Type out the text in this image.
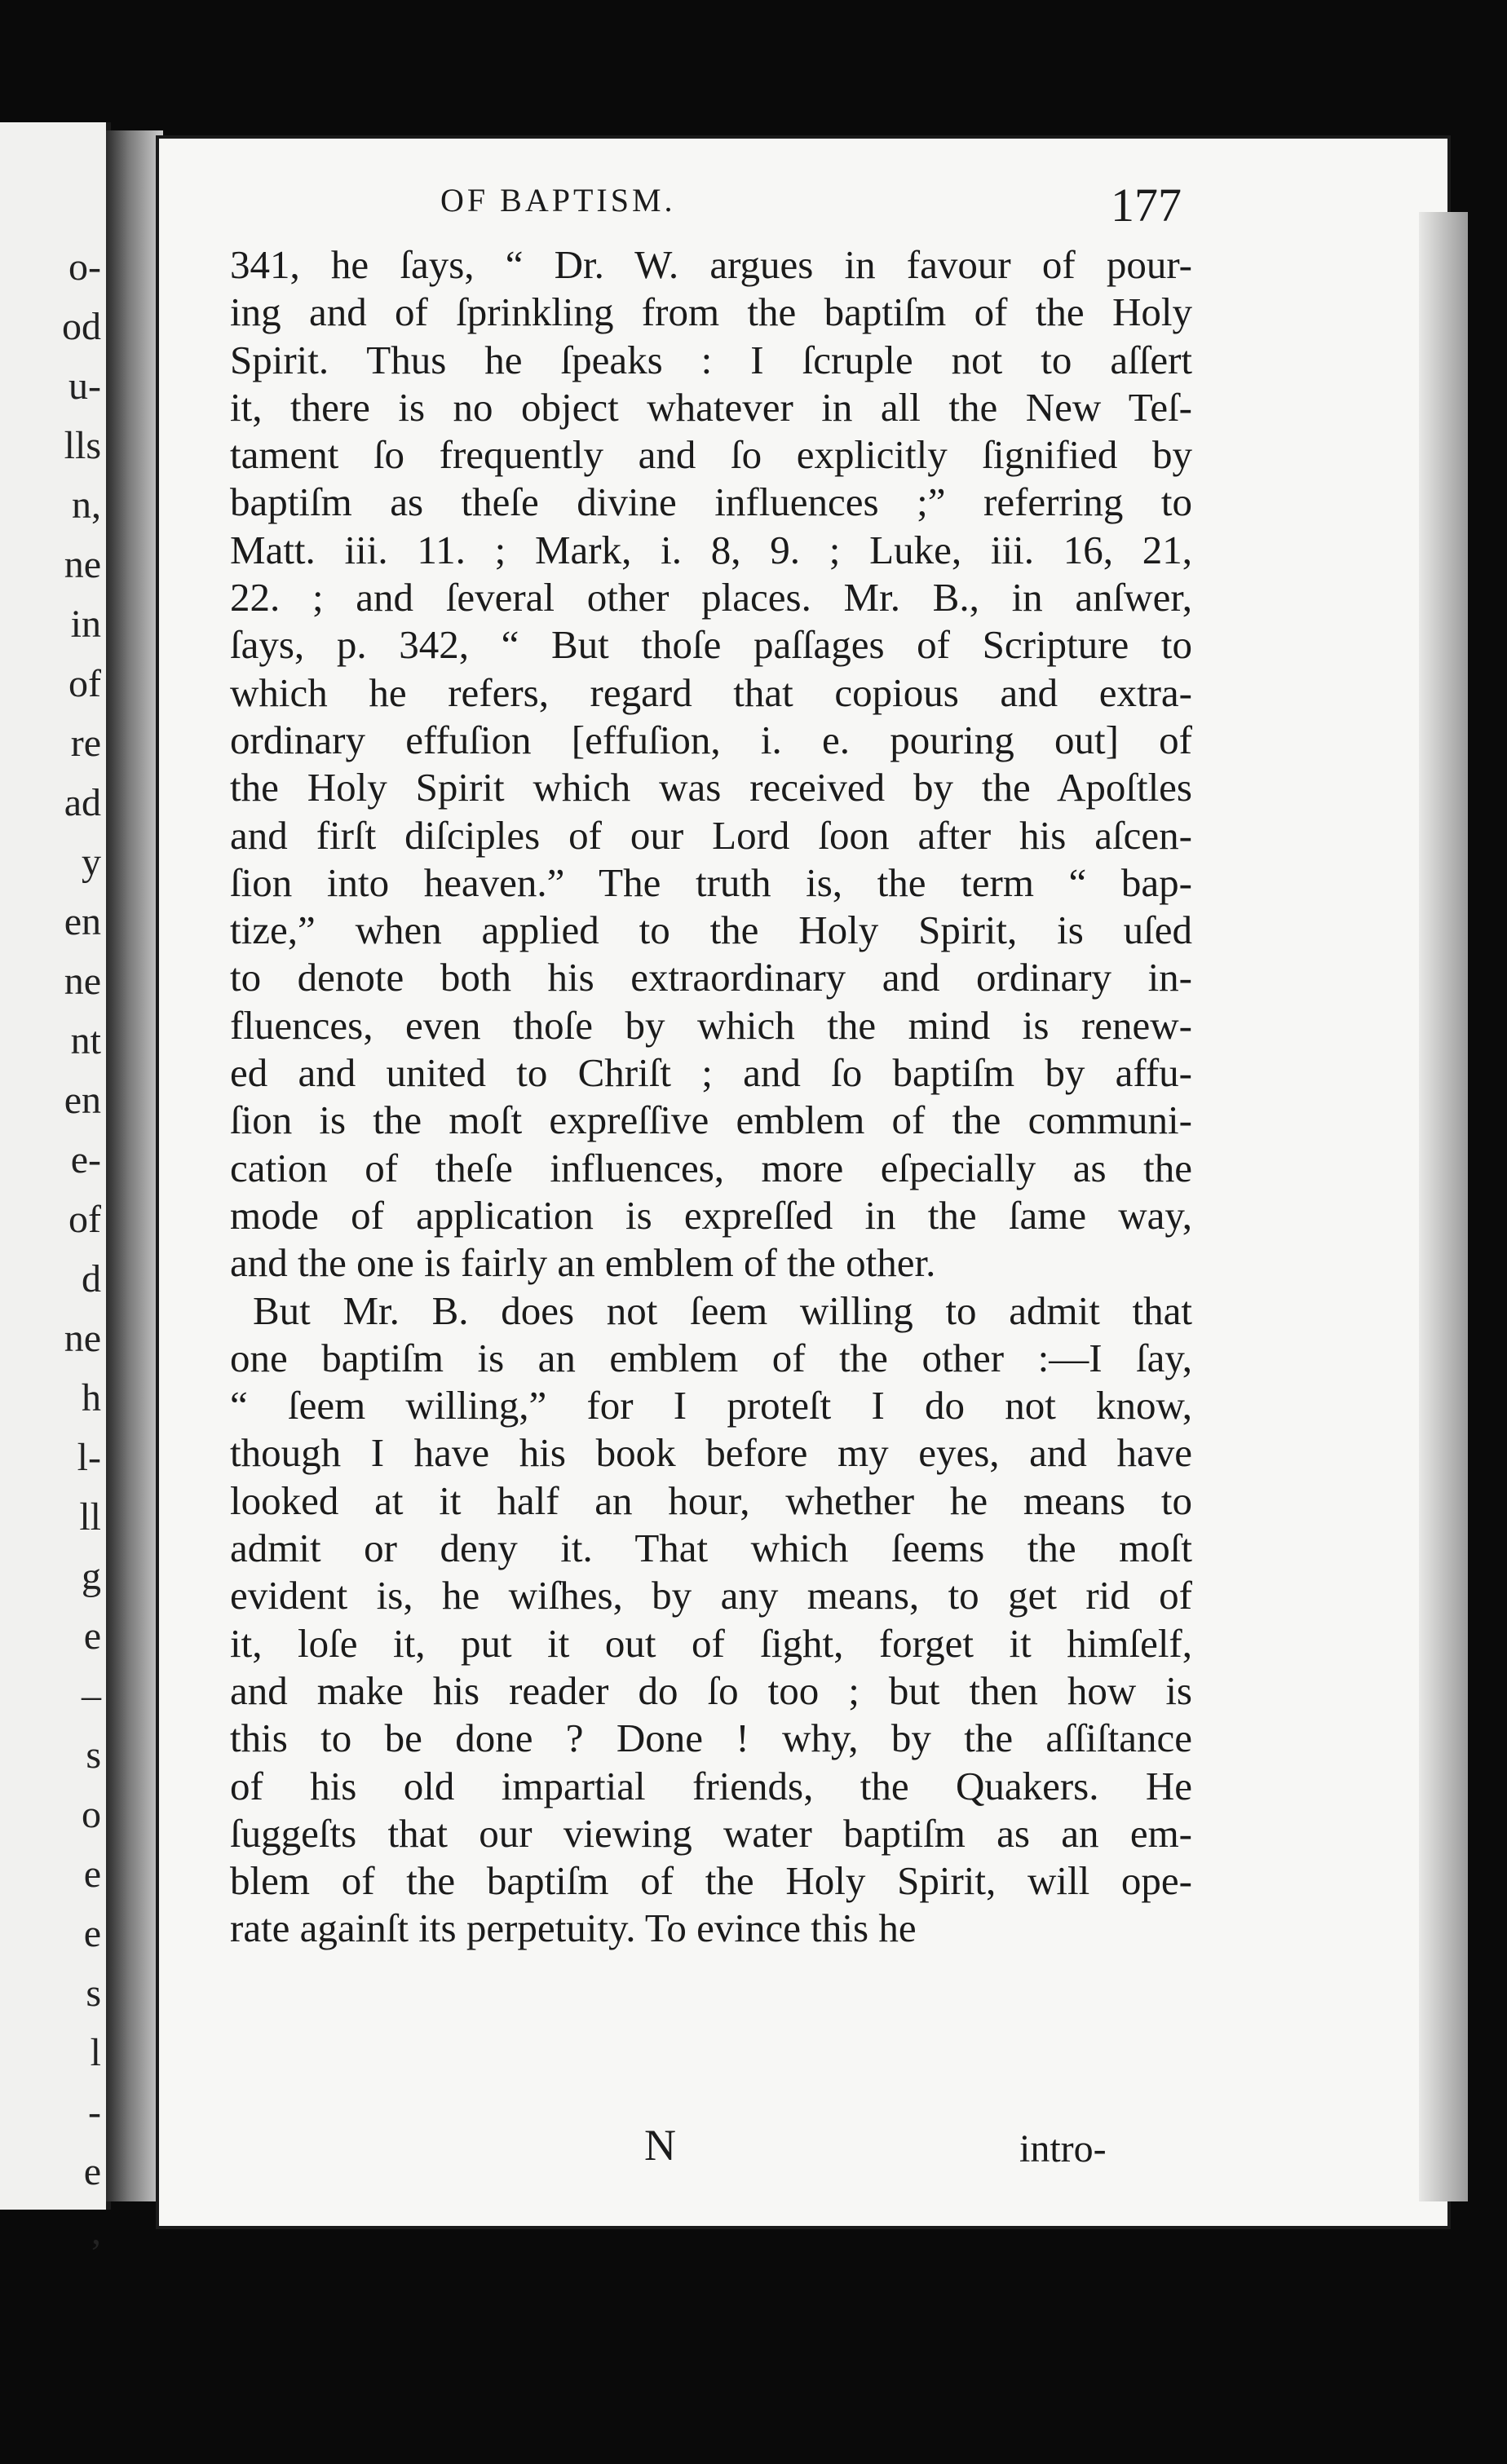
o-
od
u-
lls
n,
ne
in
of
re
ad
y
en
ne
nt
en
e-
of
d
ne
h
l-
ll
g
e
–
s
o
e
e
s
l
-
e
,
OF BAPTISM.	177
341, he ſays, “ Dr. W. argues in favour of pour-
ing and of ſprinkling from the baptiſm of the Holy
Spirit. Thus he ſpeaks : I ſcruple not to aſſert
it, there is no object whatever in all the New Teſ-
tament ſo frequently and ſo explicitly ſignified by
baptiſm as theſe divine influences ;” referring to
Matt. iii. 11. ; Mark, i. 8, 9. ; Luke, iii. 16, 21,
22. ; and ſeveral other places. Mr. B., in anſwer,
ſays, p. 342, “ But thoſe paſſages of Scripture to
which he refers, regard that copious and extra-
ordinary effuſion [effuſion, i. e. pouring out] of
the Holy Spirit which was received by the Apoſtles
and firſt diſciples of our Lord ſoon after his aſcen-
ſion into heaven.” The truth is, the term “ bap-
tize,” when applied to the Holy Spirit, is uſed
to denote both his extraordinary and ordinary in-
fluences, even thoſe by which the mind is renew-
ed and united to Chriſt ; and ſo baptiſm by affu-
ſion is the moſt expreſſive emblem of the communi-
cation of theſe influences, more eſpecially as the
mode of application is expreſſed in the ſame way,
and the one is fairly an emblem of the other.
But Mr. B. does not ſeem willing to admit that
one baptiſm is an emblem of the other :—I ſay,
“ ſeem willing,” for I proteſt I do not know,
though I have his book before my eyes, and have
looked at it half an hour, whether he means to
admit or deny it. That which ſeems the moſt
evident is, he wiſhes, by any means, to get rid of
it, loſe it, put it out of ſight, forget it himſelf,
and make his reader do ſo too ; but then how is
this to be done ? Done ! why, by the aſſiſtance
of his old impartial friends, the Quakers. He
ſuggeſts that our viewing water baptiſm as an em-
blem of the baptiſm of the Holy Spirit, will ope-
rate againſt its perpetuity. To evince this he
N	intro-
